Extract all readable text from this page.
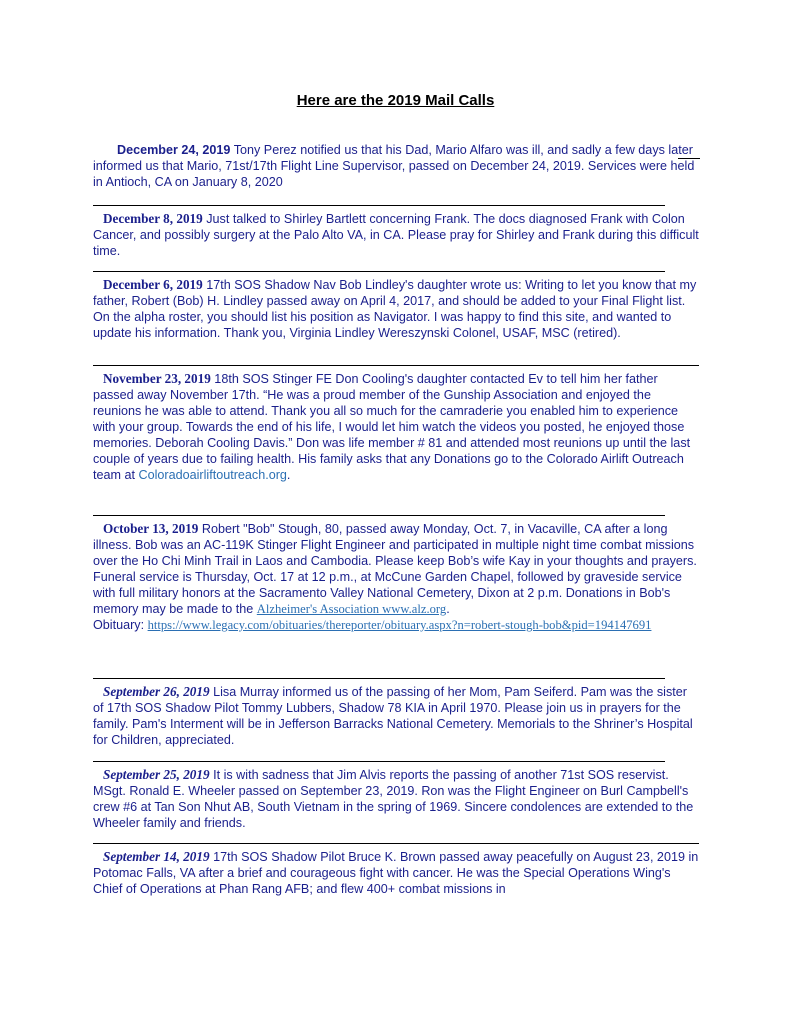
Here are the 2019 Mail Calls
December 24, 2019 Tony Perez notified us that his Dad, Mario Alfaro was ill, and sadly a few days later informed us that Mario, 71st/17th Flight Line Supervisor, passed on December 24, 2019. Services were held in Antioch, CA on January 8, 2020
December 8, 2019 Just talked to Shirley Bartlett concerning Frank. The docs diagnosed Frank with Colon Cancer, and possibly surgery at the Palo Alto VA, in CA. Please pray for Shirley and Frank during this difficult time.
December 6, 2019 17th SOS Shadow Nav Bob Lindley's daughter wrote us: Writing to let you know that my father, Robert (Bob) H. Lindley passed away on April 4, 2017, and should be added to your Final Flight list. On the alpha roster, you should list his position as Navigator. I was happy to find this site, and wanted to update his information. Thank you, Virginia Lindley Wereszynski Colonel, USAF, MSC (retired).
November 23, 2019 18th SOS Stinger FE Don Cooling's daughter contacted Ev to tell him her father passed away November 17th. “He was a proud member of the Gunship Association and enjoyed the reunions he was able to attend. Thank you all so much for the camraderie you enabled him to experience with your group. Towards the end of his life, I would let him watch the videos you posted, he enjoyed those memories. Deborah Cooling Davis.” Don was life member # 81 and attended most reunions up until the last couple of years due to failing health. His family asks that any Donations go to the Colorado Airlift Outreach team at Coloradoairliftoutreach.org.
October 13, 2019 Robert "Bob" Stough, 80, passed away Monday, Oct. 7, in Vacaville, CA after a long illness. Bob was an AC-119K Stinger Flight Engineer and participated in multiple night time combat missions over the Ho Chi Minh Trail in Laos and Cambodia. Please keep Bob’s wife Kay in your thoughts and prayers. Funeral service is Thursday, Oct. 17 at 12 p.m., at McCune Garden Chapel, followed by graveside service with full military honors at the Sacramento Valley National Cemetery, Dixon at 2 p.m. Donations in Bob's memory may be made to the Alzheimer's Association www.alz.org.
Obituary: https://www.legacy.com/obituaries/thereporter/obituary.aspx?n=robert-stough-bob&pid=194147691
September 26, 2019 Lisa Murray informed us of the passing of her Mom, Pam Seiferd. Pam was the sister of 17th SOS Shadow Pilot Tommy Lubbers, Shadow 78 KIA in April 1970. Please join us in prayers for the family. Pam's Interment will be in Jefferson Barracks National Cemetery. Memorials to the Shriner’s Hospital for Children, appreciated.
September 25, 2019 It is with sadness that Jim Alvis reports the passing of another 71st SOS reservist. MSgt. Ronald E. Wheeler passed on September 23, 2019. Ron was the Flight Engineer on Burl Campbell's crew #6 at Tan Son Nhut AB, South Vietnam in the spring of 1969. Sincere condolences are extended to the Wheeler family and friends.
September 14, 2019 17th SOS Shadow Pilot Bruce K. Brown passed away peacefully on August 23, 2019 in Potomac Falls, VA after a brief and courageous fight with cancer. He was the Special Operations Wing's Chief of Operations at Phan Rang AFB; and flew 400+ combat missions in
